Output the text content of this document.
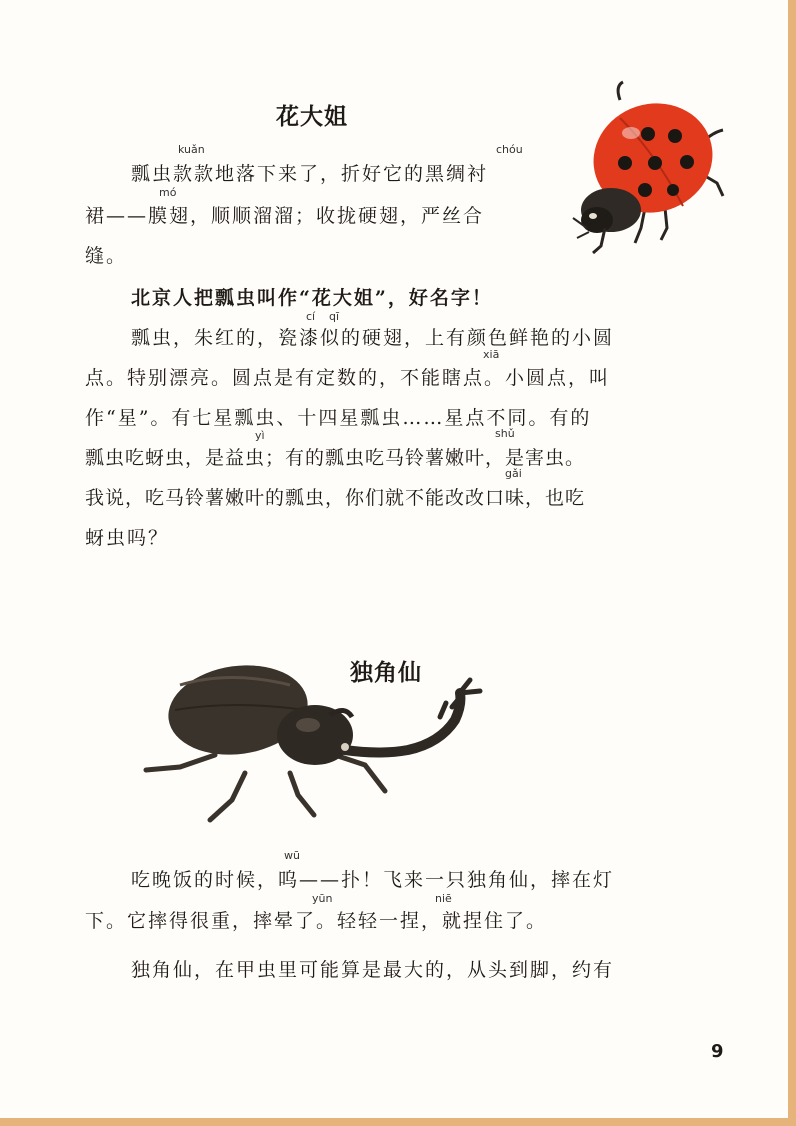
花大姐
kuǎn	chóu
瓢虫款款地落下来了，折好它的黑绸衬
mó
裙——膜翅，顺顺溜溜；收拢硬翅，严丝合
缝。
北京人把瓢虫叫作“花大姐”，好名字！
cí qī
瓢虫，朱红的，瓷漆似的硬翅，上有颜色鲜艳的小圆
xiā
点。特别漂亮。圆点是有定数的，不能瞎点。小圆点，叫
作“星”。有七星瓢虫、十四星瓢虫……星点不同。有的
yì	shǔ
瓢虫吃蚜虫，是益虫；有的瓢虫吃马铃薯嫩叶，是害虫。
gǎi
我说，吃马铃薯嫩叶的瓢虫，你们就不能改改口味，也吃
蚜虫吗？
独角仙
wū
吃晚饭的时候，呜——扑！飞来一只独角仙，摔在灯
yūn	niē
下。它摔得很重，摔晕了。轻轻一捏，就捏住了。
独角仙，在甲虫里可能算是最大的，从头到脚，约有
9
